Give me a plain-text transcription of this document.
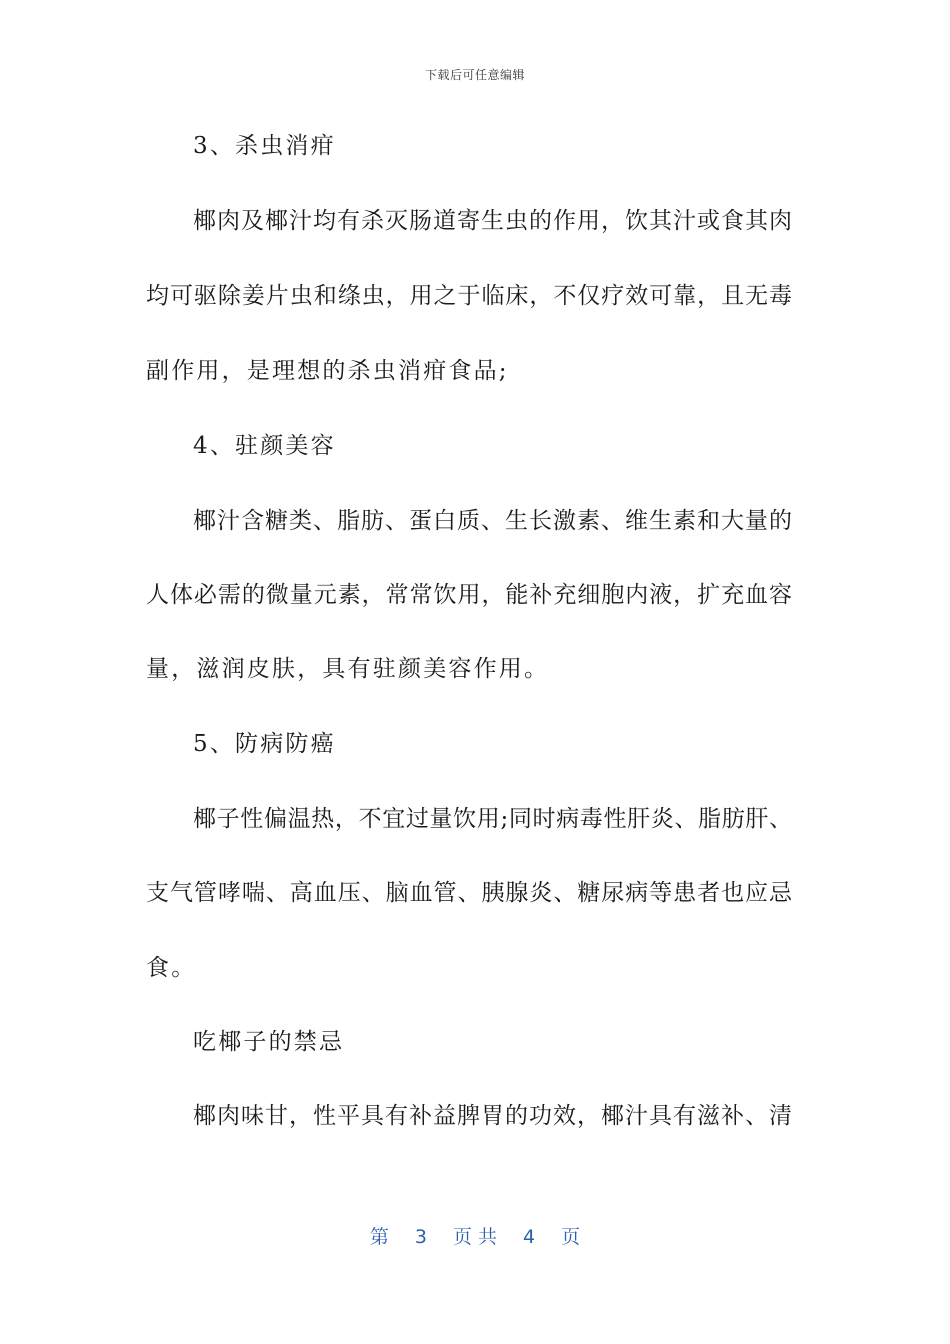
下载后可任意编辑
3、杀虫消疳
椰肉及椰汁均有杀灭肠道寄生虫的作用，饮其汁或食其肉
均可驱除姜片虫和绦虫，用之于临床，不仅疗效可靠，且无毒
副作用，是理想的杀虫消疳食品;
4、驻颜美容
椰汁含糖类、脂肪、蛋白质、生长激素、维生素和大量的
人体必需的微量元素，常常饮用，能补充细胞内液，扩充血容
量，滋润皮肤，具有驻颜美容作用。
5、防病防癌
椰子性偏温热，不宜过量饮用;同时病毒性肝炎、脂肪肝、
支气管哮喘、高血压、脑血管、胰腺炎、糖尿病等患者也应忌
食。
吃椰子的禁忌
椰肉味甘，性平具有补益脾胃的功效，椰汁具有滋补、清
第 3 页 共 4 页
